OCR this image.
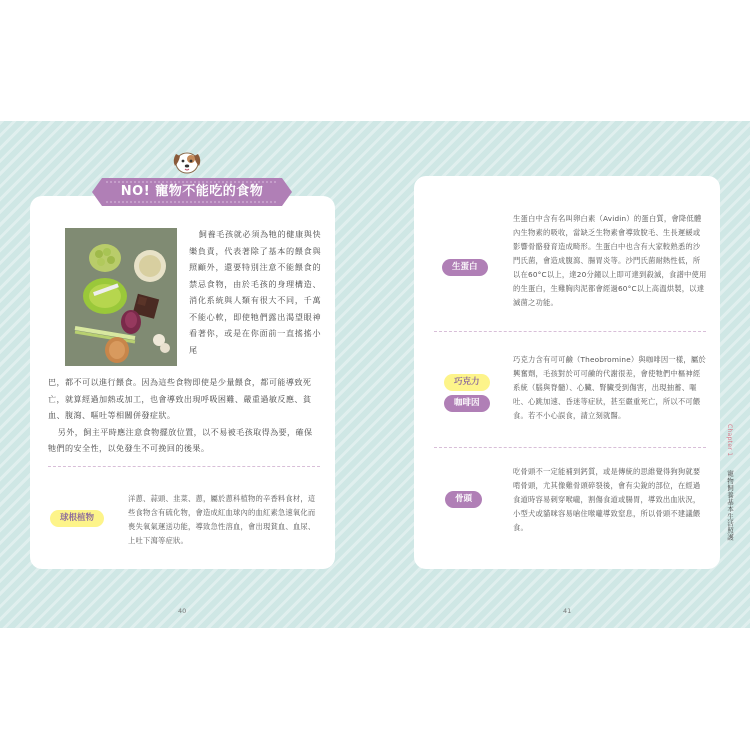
NO! 寵物不能吃的食物
飼養毛孩就必須為牠的健康與快樂負責，代表著除了基本的餵食與照顧外，還要特別注意不能餵食的禁忌食物，由於毛孩的身理構造、消化系統與人類有很大不同，千萬不能心軟，即使牠們露出渴望眼神看著你，或是在你面前一直搖搖小尾

巴，都不可以進行餵食。因為這些食物即使是少量餵食，都可能導致死亡，就算經過加熱或加工，也會導致出現呼吸困難、嚴重過敏反應、貧血、腹瀉、嘔吐等相關併發症狀。

另外，飼主平時應注意食物擺放位置，以不易被毛孩取得為要，確保牠們的安全性，以免發生不可挽回的後果。

球根植物
洋蔥、蒜頭、韭菜、蔥，屬於蔥科植物的辛香料食材，這些食物含有硫化物，會造成紅血球內的血紅素急速氧化而喪失氧氣運送功能，導致急性溶血，會出現貧血、血尿、上吐下瀉等症狀。
40
生蛋白
生蛋白中含有名叫卵白素（Avidin）的蛋白質，會降低體內生物素的吸收，當缺乏生物素會導致脫毛、生長遲緩或影響骨骼發育造成畸形。生蛋白中也含有大家較熟悉的沙門氏菌，會造成腹瀉、腸胃炎等。沙門氏菌耐熱性低，所以在60°C以上，達20分鐘以上即可達到殺滅，食譜中使用的生蛋白，生雞胸肉泥都會經過60°C以上高溫烘製，以達滅菌之功能。
巧克力
咖啡因
巧克力含有可可鹼（Theobromine）與咖啡因一樣，屬於興奮劑，毛孩對於可可鹼的代謝很差，會使牠們中樞神經系統（腦與脊髓）、心臟、腎臟受到傷害，出現抽蓄、嘔吐、心跳加速、昏迷等症狀，甚至嚴重死亡，所以不可餵食。若不小心誤食，請立刻就醫。
骨頭
吃骨頭不一定能補到鈣質，或是傳統的思維覺得狗狗就要啃骨頭，尤其像雞骨頭碎裂後，會有尖銳的部位，在經過食道時容易刺穿喉嚨，割傷食道或腸胃，導致出血狀況，小型犬或貓咪容易嗆住喉嚨導致窒息，所以骨頭不建議餵食。
41
Chapter 1
寵物飼養基本生活照護
